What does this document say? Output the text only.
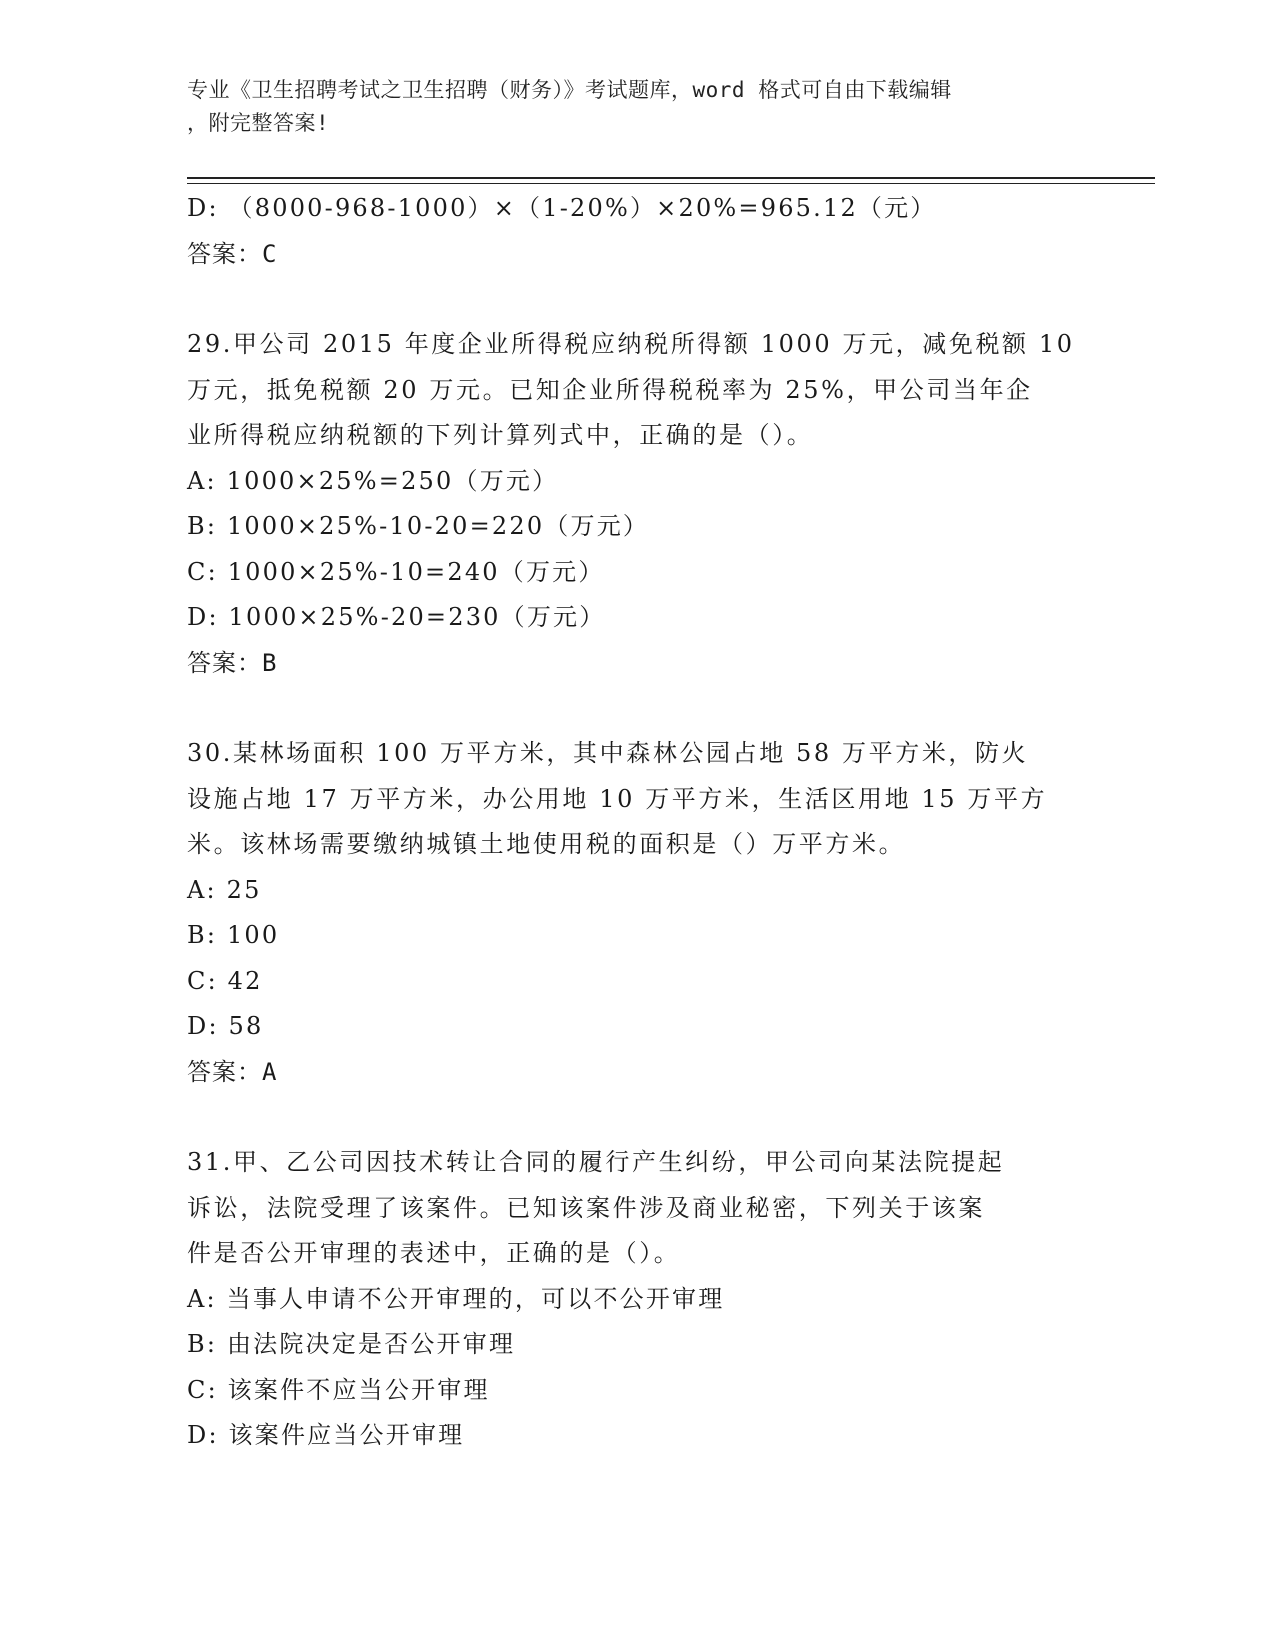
专业《卫生招聘考试之卫生招聘（财务）》考试题库，word 格式可自由下载编辑
，附完整答案!
D: （8000-968-1000）×（1-20%）×20%=965.12（元）
答案：C
29.甲公司 2015 年度企业所得税应纳税所得额 1000 万元，减免税额 10
万元，抵免税额 20 万元。已知企业所得税税率为 25%，甲公司当年企
业所得税应纳税额的下列计算列式中，正确的是（）。
A: 1000×25%=250（万元）
B: 1000×25%-10-20=220（万元）
C: 1000×25%-10=240（万元）
D: 1000×25%-20=230（万元）
答案：B
30.某林场面积 100 万平方米，其中森林公园占地 58 万平方米，防火
设施占地 17 万平方米，办公用地 10 万平方米，生活区用地 15 万平方
米。该林场需要缴纳城镇土地使用税的面积是（）万平方米。
A: 25
B: 100
C: 42
D: 58
答案：A
31.甲、乙公司因技术转让合同的履行产生纠纷，甲公司向某法院提起
诉讼，法院受理了该案件。已知该案件涉及商业秘密，下列关于该案
件是否公开审理的表述中，正确的是（）。
A: 当事人申请不公开审理的，可以不公开审理
B: 由法院决定是否公开审理
C: 该案件不应当公开审理
D: 该案件应当公开审理
